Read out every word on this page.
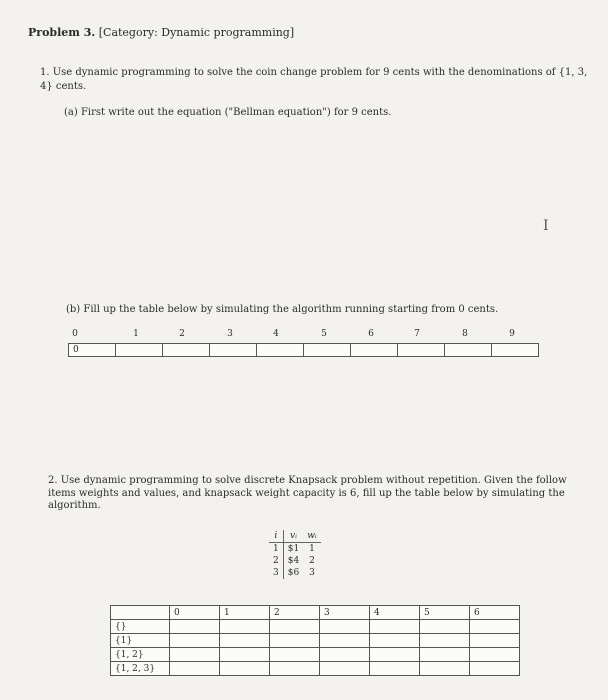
Problem 3. [Category: Dynamic programming]
1. Use dynamic programming to solve the coin change problem for 9 cents with the denominations of {1, 3, 4} cents.
(a) First write out the equation ("Bellman equation") for 9 cents.
I
(b) Fill up the table below by simulating the algorithm running starting from 0 cents.
0	1	2	3	4	5	6	7	8	9
0									
2. Use dynamic programming to solve discrete Knapsack problem without repetition. Given the follow items weights and values, and knapsack weight capacity is 6, fill up the table below by simulating the algorithm.
i	vᵢ	wᵢ
1	$1	1
2	$4	2
3	$6	3
	0	1	2	3	4	5	6
{}							
{1}							
{1, 2}							
{1, 2, 3}							
